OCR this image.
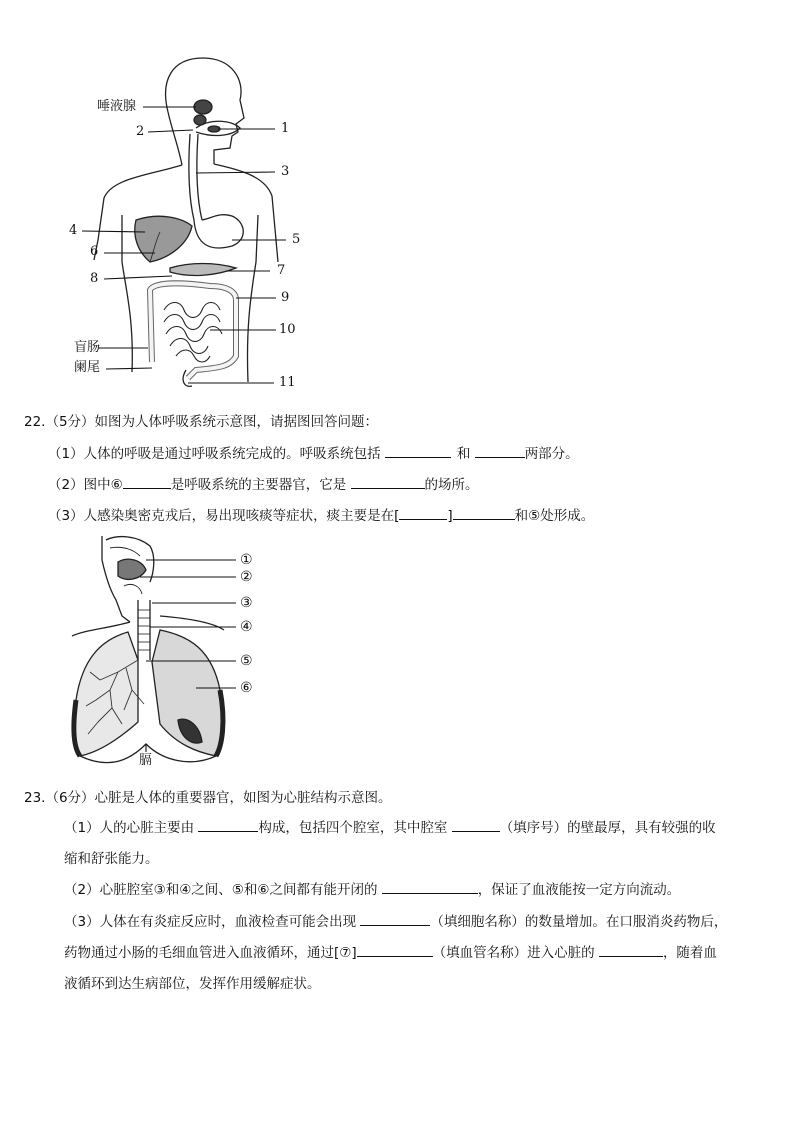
唾液腺
1
2
3
4
5
6
7
8
9
10
盲肠
阑尾
11
22.（5分）如图为人体呼吸系统示意图，请据图回答问题：
（1）人体的呼吸是通过呼吸系统完成的。呼吸系统包括	和	两部分。
（2）图中⑥	是呼吸系统的主要器官，它是	的场所。
（3）人感染奥密克戎后，易出现咳痰等症状，痰主要是在[	]	和⑤处形成。
①
②
③
④
⑤
⑥
膈
23.（6分）心脏是人体的重要器官，如图为心脏结构示意图。
（1）人的心脏主要由	构成，包括四个腔室，其中腔室	（填序号）的壁最厚，具有较强的收
缩和舒张能力。
（2）心脏腔室③和④之间、⑤和⑥之间都有能开闭的	，保证了血液能按一定方向流动。
（3）人体在有炎症反应时，血液检查可能会出现	（填细胞名称）的数量增加。在口服消炎药物后，
药物通过小肠的毛细血管进入血液循环，通过[⑦]	（填血管名称）进入心脏的	，随着血
液循环到达生病部位，发挥作用缓解症状。
